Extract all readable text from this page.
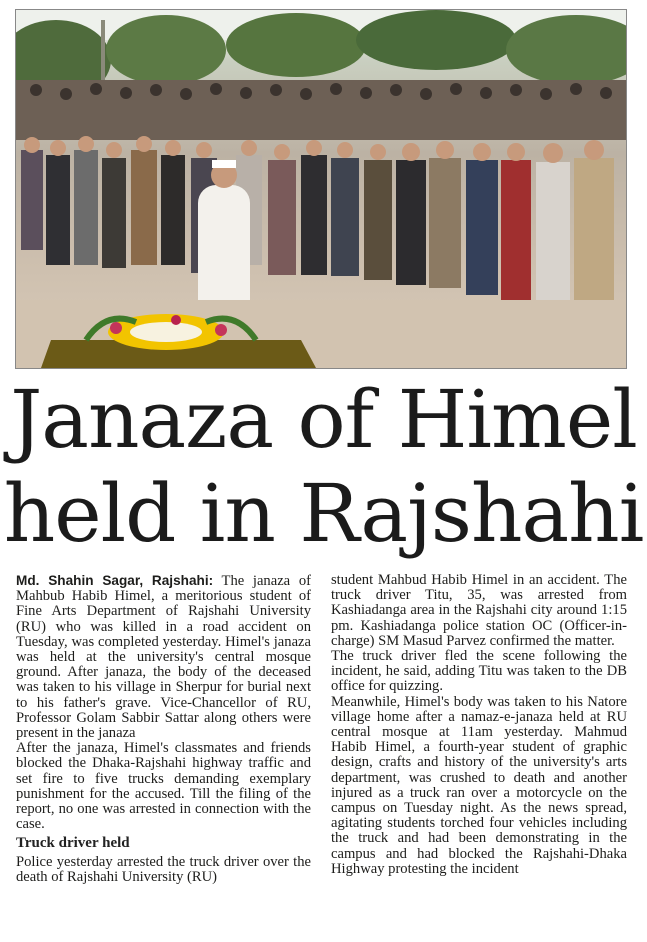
Janaza of Himel
held in Rajshahi

Md. Shahin Sagar, Rajshahi: The janaza of Mahbub Habib Himel, a meritorious student of Fine Arts Department of Rajshahi University (RU) who was killed in a road accident on Tuesday, was completed yesterday. Himel's janaza was held at the university's central mosque ground. After janaza, the body of the deceased was taken to his village in Sherpur for burial next to his father's grave. Vice-Chancellor of RU, Professor Golam Sabbir Sattar along others were present in the janaza

After the janaza, Himel's classmates and friends blocked the Dhaka-Rajshahi highway traffic and set fire to five trucks demanding exemplary punishment for the accused. Till the filing of the report, no one was arrested in connection with the case.

Truck driver held

Police yesterday arrested the truck driver over the death of Rajshahi University (RU)

student Mahbud Habib Himel in an accident. The truck driver Titu, 35, was arrested from Kashiadanga area in the Rajshahi city around 1:15 pm. Kashiadanga police station OC (Officer-in-charge) SM Masud Parvez confirmed the matter.

The truck driver fled the scene following the incident, he said, adding Titu was taken to the DB office for quizzing.

Meanwhile, Himel's body was taken to his Natore village home after a namaz-e-janaza held at RU central mosque at 11am yesterday. Mahmud Habib Himel, a fourth-year student of graphic design, crafts and history of the university's arts department, was crushed to death and another injured as a truck ran over a motorcycle on the campus on Tuesday night. As the news spread, agitating students torched four vehicles including the truck and had been demonstrating in the campus and had blocked the Rajshahi-Dhaka Highway protesting the incident
